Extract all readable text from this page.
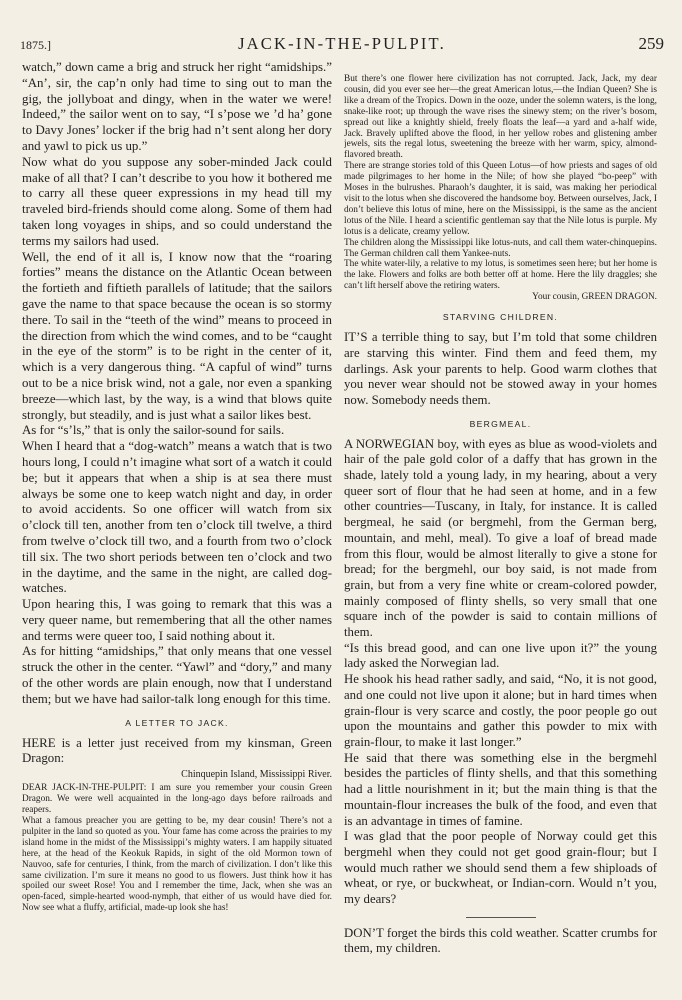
1875.]	JACK-IN-THE-PULPIT.	259

watch,” down came a brig and struck her right “amidships.” “An’, sir, the cap’n only had time to sing out to man the gig, the jollyboat and dingy, when in the water we were! Indeed,” the sailor went on to say, “I s’pose we ’d ha’ gone to Davy Jones’ locker if the brig had n’t sent along her dory and yawl to pick us up.”

Now what do you suppose any sober-minded Jack could make of all that? I can’t describe to you how it bothered me to carry all these queer expressions in my head till my traveled bird-friends should come along. Some of them had taken long voyages in ships, and so could understand the terms my sailors had used.

Well, the end of it all is, I know now that the “roaring forties” means the distance on the Atlantic Ocean between the fortieth and fiftieth parallels of latitude; that the sailors gave the name to that space because the ocean is so stormy there. To sail in the “teeth of the wind” means to proceed in the direction from which the wind comes, and to be “caught in the eye of the storm” is to be right in the center of it, which is a very dangerous thing. “A capful of wind” turns out to be a nice brisk wind, not a gale, nor even a spanking breeze—which last, by the way, is a wind that blows quite strongly, but steadily, and is just what a sailor likes best.

As for “s’ls,” that is only the sailor-sound for sails.

When I heard that a “dog-watch” means a watch that is two hours long, I could n’t imagine what sort of a watch it could be; but it appears that when a ship is at sea there must always be some one to keep watch night and day, in order to avoid accidents. So one officer will watch from six o’clock till ten, another from ten o’clock till twelve, a third from twelve o’clock till two, and a fourth from two o’clock till six. The two short periods between ten o’clock and two in the daytime, and the same in the night, are called dog-watches.

Upon hearing this, I was going to remark that this was a very queer name, but remembering that all the other names and terms were queer too, I said nothing about it.

As for hitting “amidships,” that only means that one vessel struck the other in the center. “Yawl” and “dory,” and many of the other words are plain enough, now that I understand them; but we have had sailor-talk long enough for this time.

A LETTER TO JACK.

HERE is a letter just received from my kinsman, Green Dragon:

Chinquepin Island, Mississippi River.

DEAR JACK-IN-THE-PULPIT: I am sure you remember your cousin Green Dragon. We were well acquainted in the long-ago days before railroads and reapers.

What a famous preacher you are getting to be, my dear cousin! There’s not a pulpiter in the land so quoted as you. Your fame has come across the prairies to my island home in the midst of the Mississippi’s mighty waters. I am happily situated here, at the head of the Keokuk Rapids, in sight of the old Mormon town of Nauvoo, safe for centuries, I think, from the march of civilization. I don’t like this same civilization. I’m sure it means no good to us flowers. Just think how it has spoiled our sweet Rose! You and I remember the time, Jack, when she was an open-faced, simple-hearted wood-nymph, that either of us would have died for. Now see what a fluffy, artificial, made-up look she has!

But there’s one flower here civilization has not corrupted. Jack, Jack, my dear cousin, did you ever see her—the great American lotus,—the Indian Queen? She is like a dream of the Tropics. Down in the ooze, under the solemn waters, is the long, snake-like root; up through the wave rises the sinewy stem; on the river’s bosom, spread out like a knightly shield, freely floats the leaf—a yard and a-half wide, Jack. Bravely uplifted above the flood, in her yellow robes and glistening amber jewels, sits the regal lotus, sweetening the breeze with her warm, spicy, almond-flavored breath.

There are strange stories told of this Queen Lotus—of how priests and sages of old made pilgrimages to her home in the Nile; of how she played “bo-peep” with Moses in the bulrushes. Pharaoh’s daughter, it is said, was making her periodical visit to the lotus when she discovered the handsome boy. Between ourselves, Jack, I don’t believe this lotus of mine, here on the Mississippi, is the same as the ancient lotus of the Nile. I heard a scientific gentleman say that the Nile lotus is purple. My lotus is a delicate, creamy yellow.

The children along the Mississippi like lotus-nuts, and call them water-chinquepins. The German children call them Yankee-nuts.

The white water-lily, a relative to my lotus, is sometimes seen here; but her home is the lake. Flowers and folks are both better off at home. Here the lily draggles; she can’t lift herself above the retiring waters.

Your cousin, GREEN DRAGON.

STARVING CHILDREN.

IT’S a terrible thing to say, but I’m told that some children are starving this winter. Find them and feed them, my darlings. Ask your parents to help. Good warm clothes that you never wear should not be stowed away in your homes now. Somebody needs them.

BERGMEAL.

A NORWEGIAN boy, with eyes as blue as wood-violets and hair of the pale gold color of a daffy that has grown in the shade, lately told a young lady, in my hearing, about a very queer sort of flour that he had seen at home, and in a few other countries—Tuscany, in Italy, for instance. It is called bergmeal, he said (or bergmehl, from the German berg, mountain, and mehl, meal). To give a loaf of bread made from this flour, would be almost literally to give a stone for bread; for the bergmehl, our boy said, is not made from grain, but from a very fine white or cream-colored powder, mainly composed of flinty shells, so very small that one square inch of the powder is said to contain millions of them.

“Is this bread good, and can one live upon it?” the young lady asked the Norwegian lad.

He shook his head rather sadly, and said, “No, it is not good, and one could not live upon it alone; but in hard times when grain-flour is very scarce and costly, the poor people go out upon the mountains and gather this powder to mix with grain-flour, to make it last longer.”

He said that there was something else in the bergmehl besides the particles of flinty shells, and that this something had a little nourishment in it; but the main thing is that the mountain-flour increases the bulk of the food, and even that is an advantage in times of famine.

I was glad that the poor people of Norway could get this bergmehl when they could not get good grain-flour; but I would much rather we should send them a few shiploads of wheat, or rye, or buckwheat, or Indian-corn. Would n’t you, my dears?

DON’T forget the birds this cold weather. Scatter crumbs for them, my children.
